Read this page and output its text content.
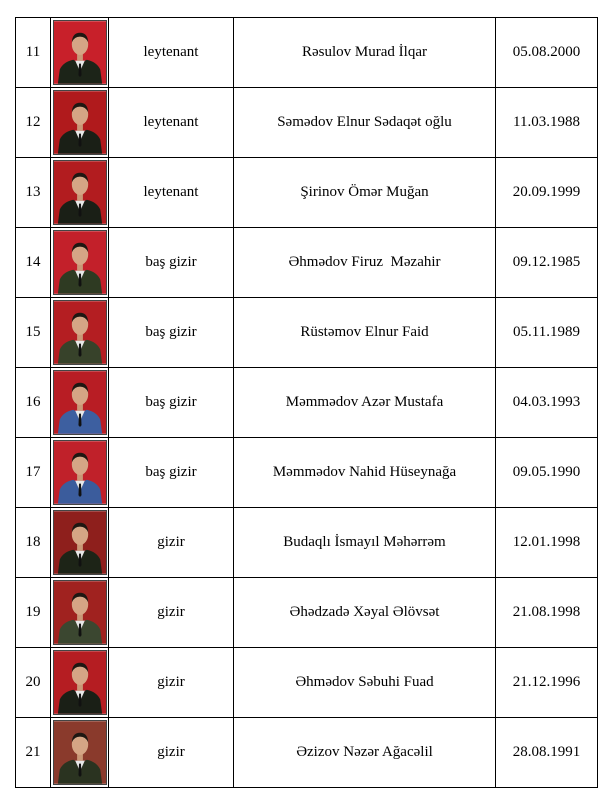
11		leytenant	Rəsulov Murad İlqar	05.08.2000
12		leytenant	Səmədov Elnur Sədaqət oğlu	11.03.1988
13		leytenant	Şirinov Ömər Muğan	20.09.1999
14		baş gizir	Əhmədov Firuz  Məzahir	09.12.1985
15		baş gizir	Rüstəmov Elnur Faid	05.11.1989
16		baş gizir	Məmmədov Azər Mustafa	04.03.1993
17		baş gizir	Məmmədov Nahid Hüseynağa	09.05.1990
18		gizir	Budaqlı İsmayıl Məhərrəm	12.01.1998
19		gizir	Əhədzadə Xəyal Əlövsət	21.08.1998
20		gizir	Əhmədov Səbuhi Fuad	21.12.1996
21		gizir	Əzizov Nəzər Ağacəlil	28.08.1991
